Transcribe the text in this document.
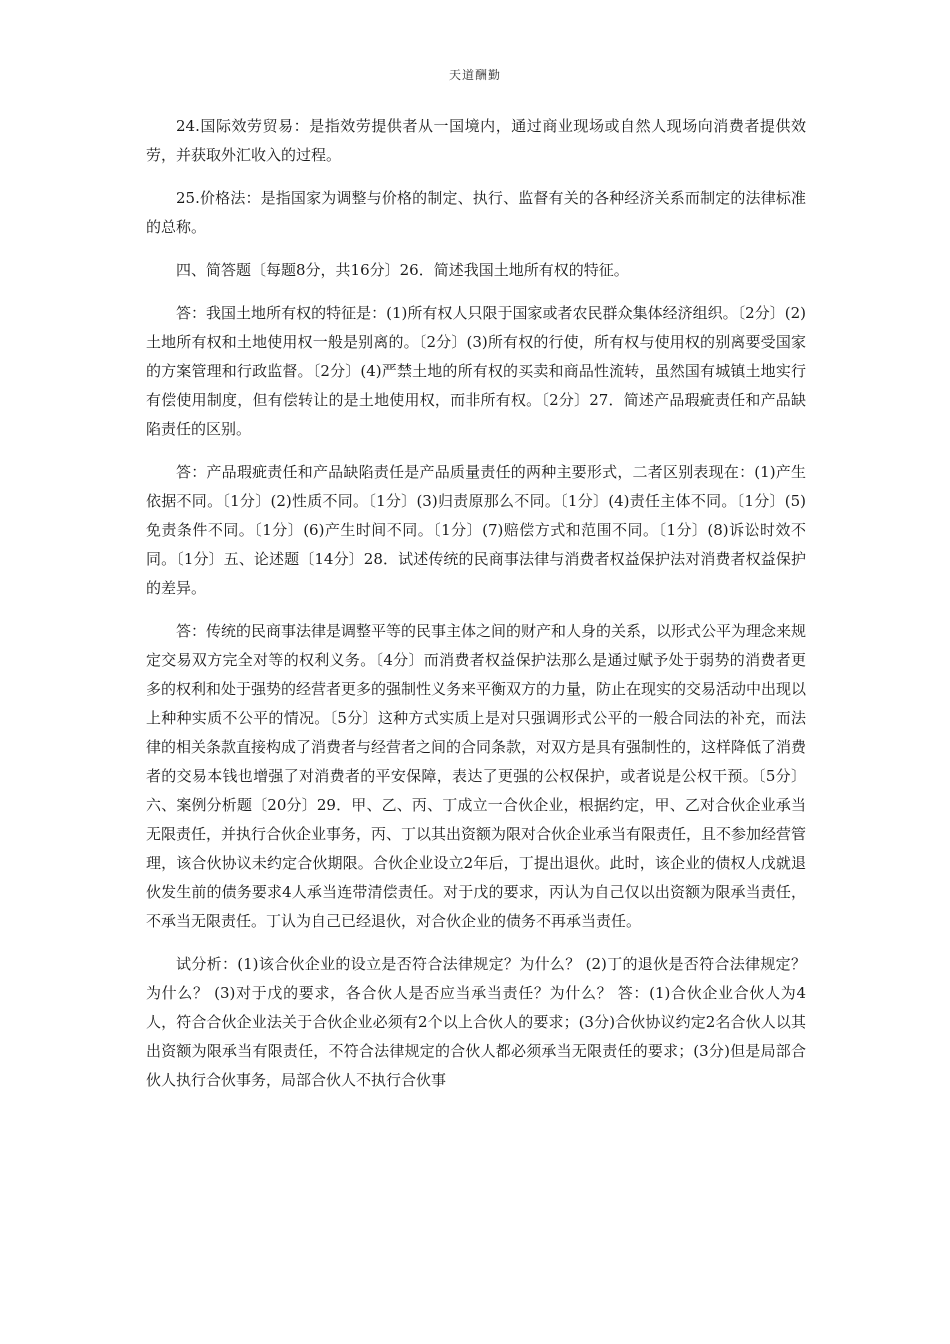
天道酬勤

24.国际效劳贸易：是指效劳提供者从一国境内，通过商业现场或自然人现场向消费者提供效劳，并获取外汇收入的过程。

25.价格法：是指国家为调整与价格的制定、执行、监督有关的各种经济关系而制定的法律标准的总称。

四、简答题〔每题8分，共16分〕26．简述我国土地所有权的特征。

答：我国土地所有权的特征是：(1)所有权人只限于国家或者农民群众集体经济组织。〔2分〕(2)土地所有权和土地使用权一般是别离的。〔2分〕(3)所有权的行使，所有权与使用权的别离要受国家的方案管理和行政监督。〔2分〕(4)严禁土地的所有权的买卖和商品性流转，虽然国有城镇土地实行有偿使用制度，但有偿转让的是土地使用权，而非所有权。〔2分〕27．简述产品瑕疵责任和产品缺陷责任的区别。

答：产品瑕疵责任和产品缺陷责任是产品质量责任的两种主要形式，二者区别表现在：(1)产生依据不同。〔1分〕(2)性质不同。〔1分〕(3)归责原那么不同。〔1分〕(4)责任主体不同。〔1分〕(5)免责条件不同。〔1分〕(6)产生时间不同。〔1分〕(7)赔偿方式和范围不同。〔1分〕(8)诉讼时效不同。〔1分〕五、论述题〔14分〕28．试述传统的民商事法律与消费者权益保护法对消费者权益保护的差异。

答：传统的民商事法律是调整平等的民事主体之间的财产和人身的关系，以形式公平为理念来规定交易双方完全对等的权利义务。〔4分〕而消费者权益保护法那么是通过赋予处于弱势的消费者更多的权利和处于强势的经营者更多的强制性义务来平衡双方的力量，防止在现实的交易活动中出现以上种种实质不公平的情况。〔5分〕这种方式实质上是对只强调形式公平的一般合同法的补充，而法律的相关条款直接构成了消费者与经营者之间的合同条款，对双方是具有强制性的，这样降低了消费者的交易本钱也增强了对消费者的平安保障，表达了更强的公权保护，或者说是公权干预。〔5分〕六、案例分析题〔20分〕29．甲、乙、丙、丁成立一合伙企业，根据约定，甲、乙对合伙企业承当无限责任，并执行合伙企业事务，丙、丁以其出资额为限对合伙企业承当有限责任，且不参加经营管理，该合伙协议未约定合伙期限。合伙企业设立2年后，丁提出退伙。此时，该企业的债权人戊就退伙发生前的债务要求4人承当连带清偿责任。对于戊的要求，丙认为自己仅以出资额为限承当责任，不承当无限责任。丁认为自己已经退伙，对合伙企业的债务不再承当责任。

试分析：(1)该合伙企业的设立是否符合法律规定？为什么？ (2)丁的退伙是否符合法律规定？为什么？ (3)对于戊的要求，各合伙人是否应当承当责任？为什么？ 答：(1)合伙企业合伙人为4人，符合合伙企业法关于合伙企业必须有2个以上合伙人的要求；(3分)合伙协议约定2名合伙人以其出资额为限承当有限责任，不符合法律规定的合伙人都必须承当无限责任的要求；(3分)但是局部合伙人执行合伙事务，局部合伙人不执行合伙事
